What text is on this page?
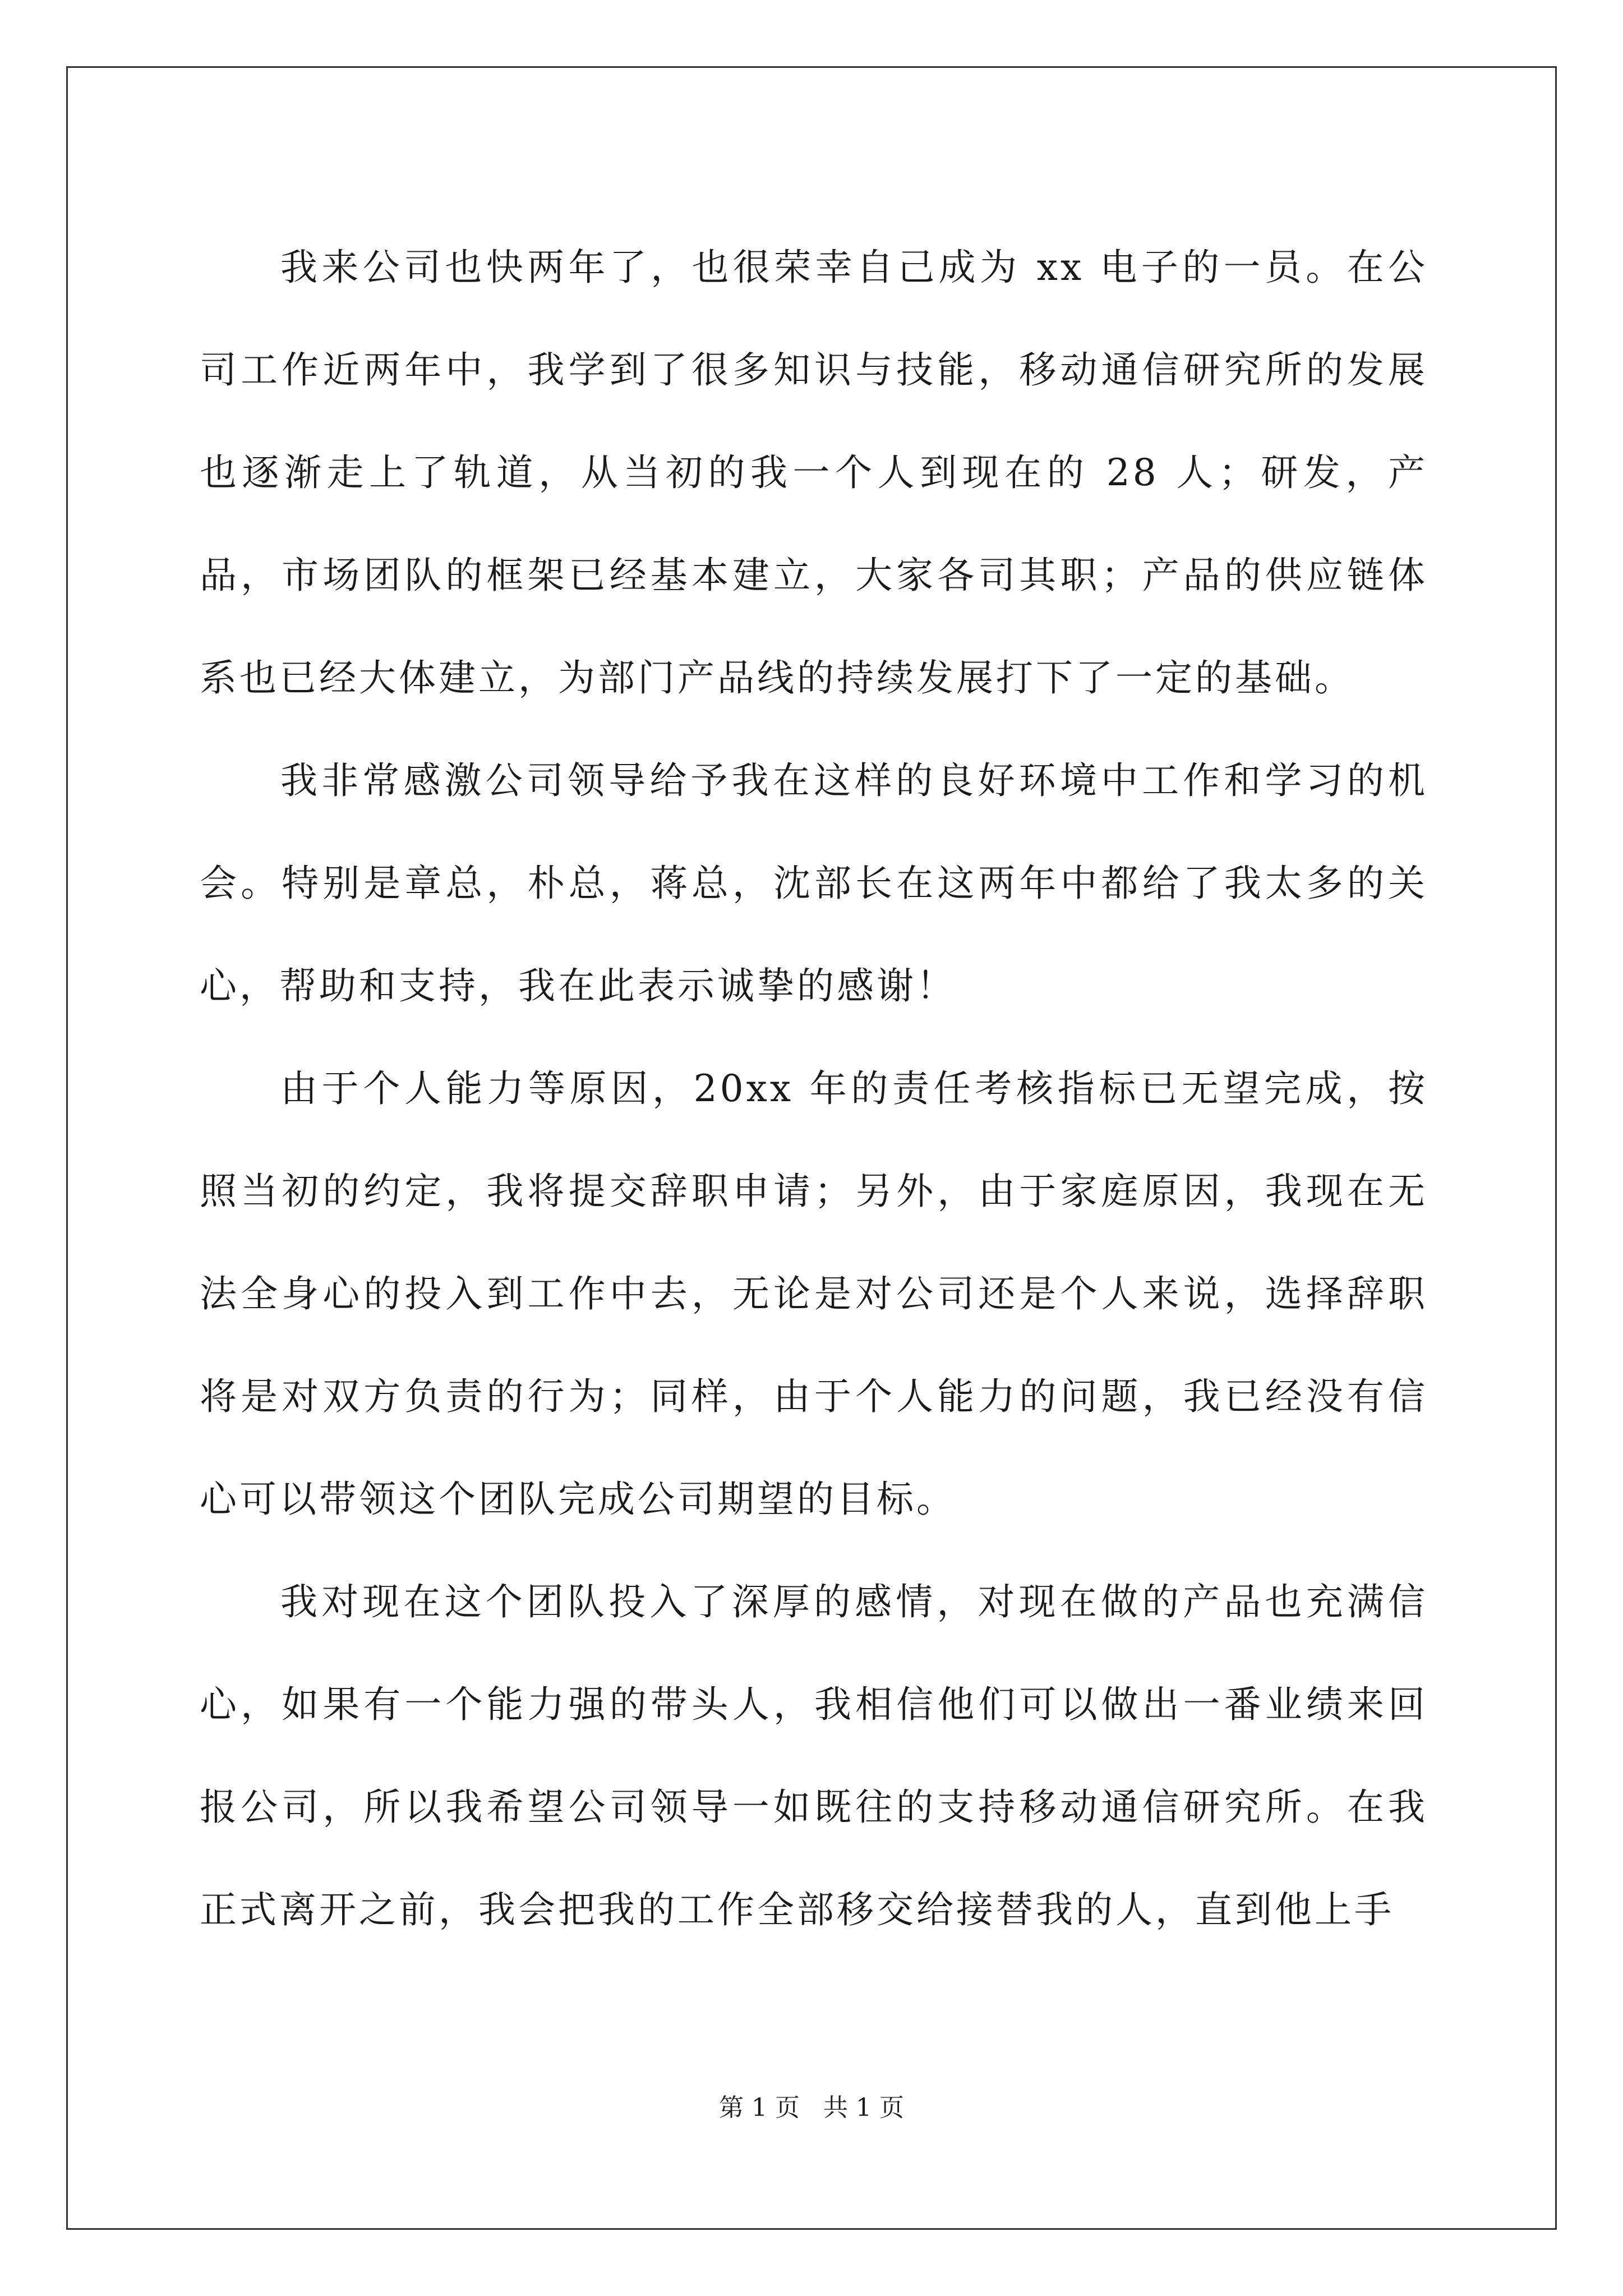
我来公司也快两年了，也很荣幸自己成为 xx 电子的一员。在公司工作近两年中，我学到了很多知识与技能，移动通信研究所的发展也逐渐走上了轨道，从当初的我一个人到现在的 28 人；研发，产品，市场团队的框架已经基本建立，大家各司其职；产品的供应链体系也已经大体建立，为部门产品线的持续发展打下了一定的基础。

我非常感激公司领导给予我在这样的良好环境中工作和学习的机会。特别是章总，朴总，蒋总，沈部长在这两年中都给了我太多的关心，帮助和支持，我在此表示诚挚的感谢！

由于个人能力等原因，20xx 年的责任考核指标已无望完成，按照当初的约定，我将提交辞职申请；另外，由于家庭原因，我现在无法全身心的投入到工作中去，无论是对公司还是个人来说，选择辞职将是对双方负责的行为；同样，由于个人能力的问题，我已经没有信心可以带领这个团队完成公司期望的目标。

我对现在这个团队投入了深厚的感情，对现在做的产品也充满信心，如果有一个能力强的带头人，我相信他们可以做出一番业绩来回报公司，所以我希望公司领导一如既往的支持移动通信研究所。在我正式离开之前，我会把我的工作全部移交给接替我的人，直到他上手

第 1 页 共 1 页
